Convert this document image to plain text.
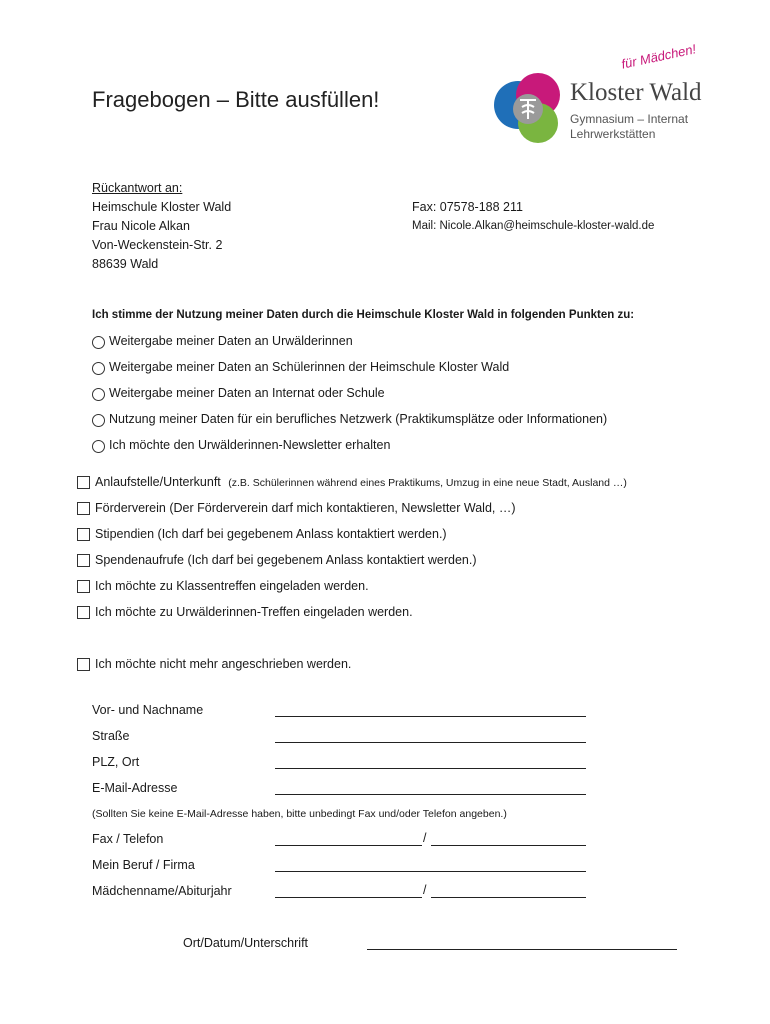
Fragebogen – Bitte ausfüllen!
für Mädchen!
Kloster Wald
Gymnasium – Internat
Lehrwerkstätten
Rückantwort an:
Heimschule Kloster Wald
Frau Nicole Alkan
Von-Weckenstein-Str. 2
88639 Wald
Fax: 07578-188 211
Mail: Nicole.Alkan@heimschule-kloster-wald.de
Ich stimme der Nutzung meiner Daten durch die Heimschule Kloster Wald in folgenden Punkten zu:
Weitergabe meiner Daten an Urwälderinnen
Weitergabe meiner Daten an Schülerinnen der Heimschule Kloster Wald
Weitergabe meiner Daten an Internat oder Schule
Nutzung meiner Daten für ein berufliches Netzwerk (Praktikumsplätze oder Informationen)
Ich möchte den Urwälderinnen-Newsletter erhalten
Anlaufstelle/Unterkunft (z.B. Schülerinnen während eines Praktikums, Umzug in eine neue Stadt, Ausland …)
Förderverein (Der Förderverein darf mich kontaktieren, Newsletter Wald, …)
Stipendien (Ich darf bei gegebenem Anlass kontaktiert werden.)
Spendenaufrufe (Ich darf bei gegebenem Anlass kontaktiert werden.)
Ich möchte zu Klassentreffen eingeladen werden.
Ich möchte zu Urwälderinnen-Treffen eingeladen werden.
Ich möchte nicht mehr angeschrieben werden.
Vor- und Nachname
Straße
PLZ, Ort
E-Mail-Adresse
(Sollten Sie keine E-Mail-Adresse haben, bitte unbedingt Fax und/oder Telefon angeben.)
Fax / Telefon	/
Mein Beruf / Firma
Mädchenname/Abiturjahr	/
Ort/Datum/Unterschrift
